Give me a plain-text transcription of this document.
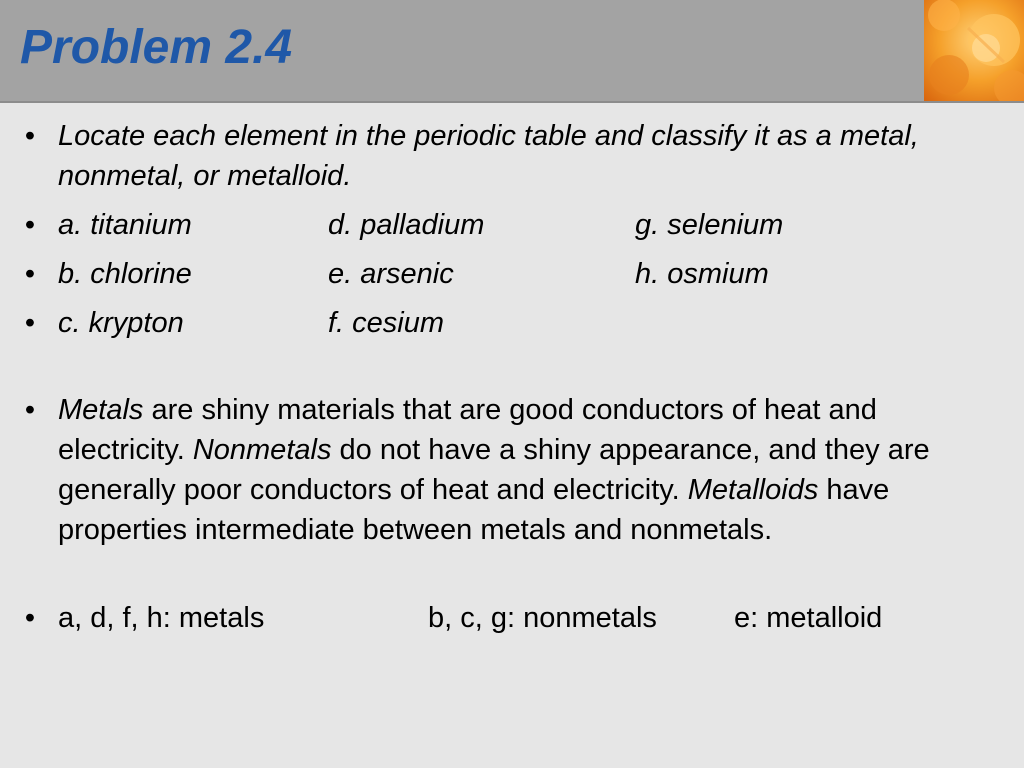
Problem 2.4
• Locate each element in the periodic table and classify it as a metal, nonmetal, or metalloid.
• a. titanium	d. palladium	g. selenium
• b. chlorine	e. arsenic	h. osmium
• c. krypton	f. cesium
• Metals are shiny materials that are good conductors of heat and electricity. Nonmetals do not have a shiny appearance, and they are generally poor conductors of heat and electricity. Metalloids have properties intermediate between metals and nonmetals.
• a, d, f, h: metals	b, c, g: nonmetals	e: metalloid
